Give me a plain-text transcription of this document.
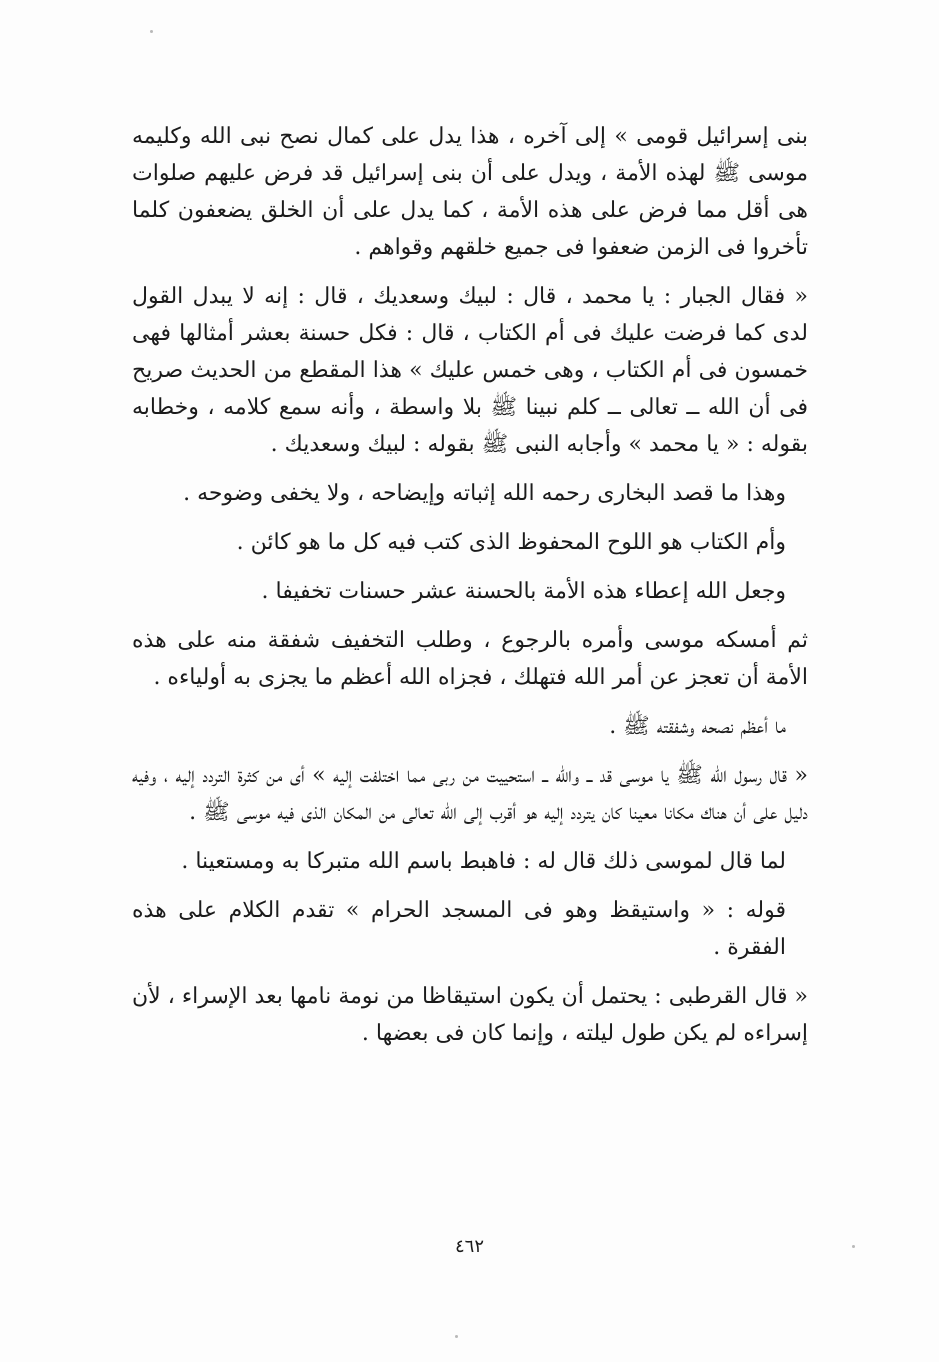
بنى إسرائيل قومى » إلى آخره ، هذا يدل على كمال نصح نبى الله وكليمه موسى ﷺ لهذه الأمة ، ويدل على أن بنى إسرائيل قد فرض عليهم صلوات هى أقل مما فرض على هذه الأمة ، كما يدل على أن الخلق يضعفون كلما تأخروا فى الزمن ضعفوا فى جميع خلقهم وقواهم .

« فقال الجبار : يا محمد ، قال : لبيك وسعديك ، قال : إنه لا يبدل القول لدى كما فرضت عليك فى أم الكتاب ، قال : فكل حسنة بعشر أمثالها فهى خمسون فى أم الكتاب ، وهى خمس عليك » هذا المقطع من الحديث صريح فى أن الله ــ تعالى ــ كلم نبينا ﷺ بلا واسطة ، وأنه سمع كلامه ، وخطابه بقوله : « يا محمد » وأجابه النبى ﷺ بقوله : لبيك وسعديك .

وهذا ما قصد البخارى رحمه الله إثباته وإيضاحه ، ولا يخفى وضوحه .

وأم الكتاب هو اللوح المحفوظ الذى كتب فيه كل ما هو كائن .

وجعل الله إعطاء هذه الأمة بالحسنة عشر حسنات تخفيفا .

ثم أمسكه موسى وأمره بالرجوع ، وطلب التخفيف شفقة منه على هذه الأمة أن تعجز عن أمر الله فتهلك ، فجزاه الله أعظم ما يجزى به أولياءه .

ما أعظم نصحه وشفقته ﷺ .

« قال رسول الله ﷺ يا موسى قد ــ والله ــ استحييت من ربى مما اختلفت إليه » أى من كثرة التردد إليه ، وفيه دليل على أن هناك مكانا معينا كان يتردد إليه هو أقرب إلى الله تعالى من المكان الذى فيه موسى ﷺ .

لما قال لموسى ذلك قال له : فاهبط باسم الله متبركا به ومستعينا .

قوله : « واستيقظ وهو فى المسجد الحرام » تقدم الكلام على هذه الفقرة .

« قال القرطبى : يحتمل أن يكون استيقاظا من نومة نامها بعد الإسراء ، لأن إسراءه لم يكن طول ليلته ، وإنما كان فى بعضها .

٤٦٢
